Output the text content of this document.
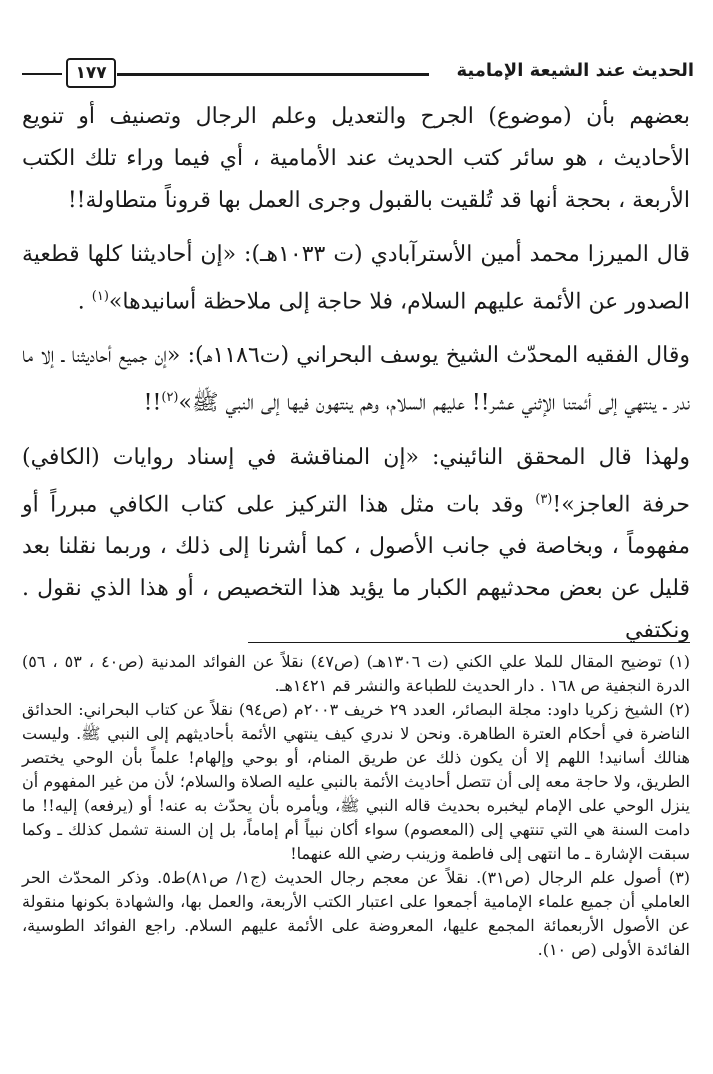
الحديث عند الشيعة الإمامية
١٧٧

بعضهم بأن (موضوع) الجرح والتعديل وعلم الرجال وتصنيف أو تنويع الأحاديث ، هو سائر كتب الحديث عند الأمامية ، أي فيما وراء تلك الكتب الأربعة ، بحجة أنها قد تُلقيت بالقبول وجرى العمل بها قروناً متطاولة!!

قال الميرزا محمد أمين الأسترآبادي (ت ١٠٣٣هـ): «إن أحاديثنا كلها قطعية الصدور عن الأئمة عليهم السلام، فلا حاجة إلى ملاحظة أسانيدها»$^{(١)}$ .

وقال الفقيه المحدّث الشيخ يوسف البحراني (ت١١٨٦هـ): «إن جميع أحاديثنا ـ إلا ما ندر ـ ينتهي إلى أئمتنا الإثني عشر!! عليهم السلام، وهم ينتهون فيها إلى النبي ﷺ»$^{(٢)}$!!

ولهذا قال المحقق النائيني: «إن المناقشة في إسناد روايات (الكافي) حرفة العاجز»!$^{(٣)}$ وقد بات مثل هذا التركيز على كتاب الكافي مبرراً أو مفهوماً ، وبخاصة في جانب الأصول ، كما أشرنا إلى ذلك ، وربما نقلنا بعد قليل عن بعض محدثيهم الكبار ما يؤيد هذا التخصيص ، أو هذا الذي نقول . ونكتفي

(١) توضيح المقال للملا علي الكني (ت ١٣٠٦هـ) (ص٤٧) نقلاً عن الفوائد المدنية (ص٤٠ ، ٥٣ ، ٥٦) الدرة النجفية ص ١٦٨ . دار الحديث للطباعة والنشر قم ١٤٢١هـ.

(٢) الشيخ زكريا داود: مجلة البصائر، العدد ٢٩ خريف ٢٠٠٣م (ص٩٤) نقلاً عن كتاب البحراني: الحدائق الناضرة في أحكام العترة الطاهرة. ونحن لا ندري كيف ينتهي الأئمة بأحاديثهم إلى النبي ﷺ. وليست هنالك أسانيد! اللهم إلا أن يكون ذلك عن طريق المنام، أو بوحي وإلهام! علماً بأن الوحي يختصر الطريق، ولا حاجة معه إلى أن تتصل أحاديث الأئمة بالنبي عليه الصلاة والسلام؛ لأن من غير المفهوم أن ينزل الوحي على الإمام ليخبره بحديث قاله النبي ﷺ، ويأمره بأن يحدّث به عنه! أو (يرفعه) إليه!! ما دامت السنة هي التي تنتهي إلى (المعصوم) سواء أكان نبياً أم إماماً، بل إن السنة تشمل كذلك ـ وكما سبقت الإشارة ـ ما انتهى إلى فاطمة وزينب رضي الله عنهما!

(٣) أصول علم الرجال (ص٣١). نقلاً عن معجم رجال الحديث (ج١/ ص٨١)ط٥. وذكر المحدّث الحر العاملي أن جميع علماء الإمامية أجمعوا على اعتبار الكتب الأربعة، والعمل بها، والشهادة بكونها منقولة عن الأصول الأربعمائة المجمع عليها، المعروضة على الأئمة عليهم السلام. راجع الفوائد الطوسية، الفائدة الأولى (ص ١٠).
